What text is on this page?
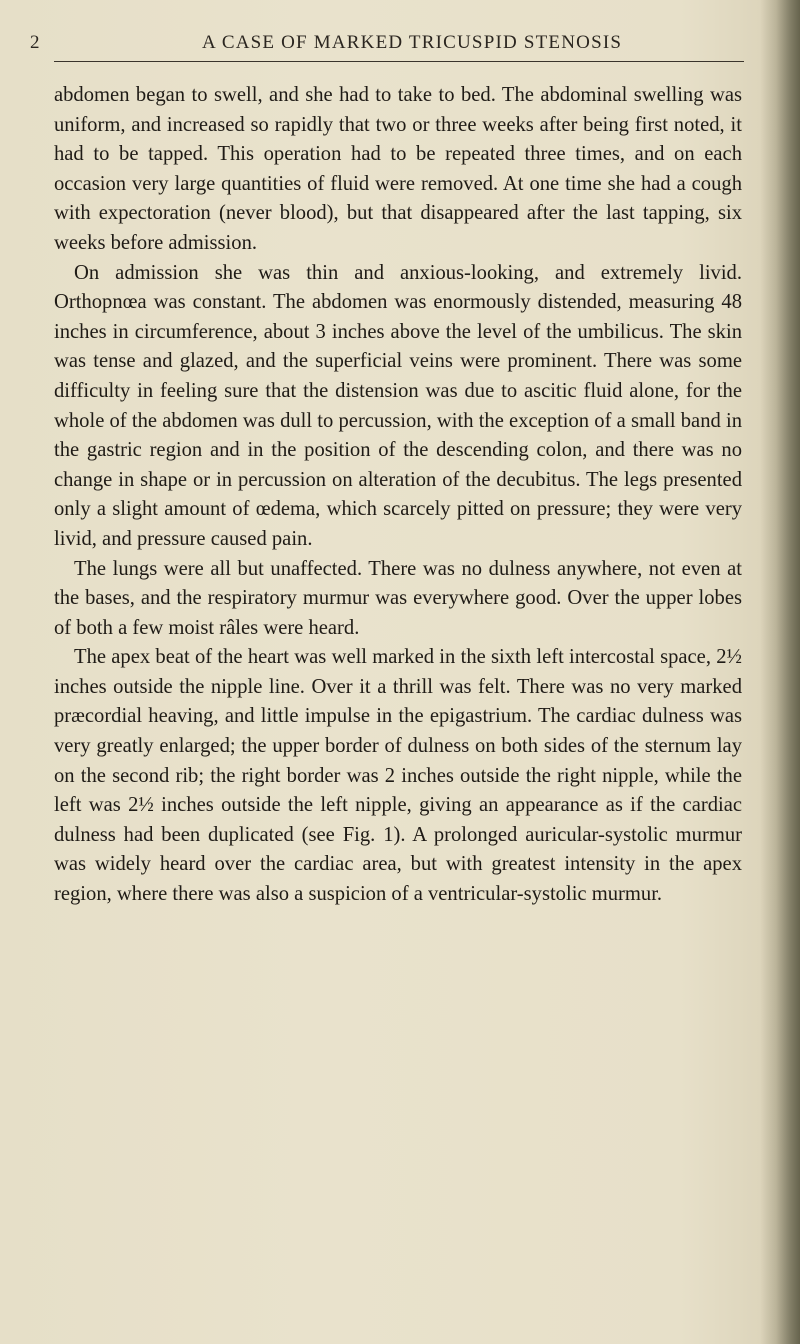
2	A CASE OF MARKED TRICUSPID STENOSIS

abdomen began to swell, and she had to take to bed. The abdominal swelling was uniform, and increased so rapidly that two or three weeks after being first noted, it had to be tapped. This operation had to be repeated three times, and on each occasion very large quantities of fluid were removed. At one time she had a cough with expectoration (never blood), but that disappeared after the last tapping, six weeks before admission.

On admission she was thin and anxious-looking, and extremely livid. Orthopnœa was constant. The abdomen was enormously distended, measuring 48 inches in circumference, about 3 inches above the level of the umbilicus. The skin was tense and glazed, and the superficial veins were prominent. There was some difficulty in feeling sure that the distension was due to ascitic fluid alone, for the whole of the abdomen was dull to percussion, with the exception of a small band in the gastric region and in the position of the descending colon, and there was no change in shape or in percussion on alteration of the decubitus. The legs presented only a slight amount of œdema, which scarcely pitted on pressure; they were very livid, and pressure caused pain.

The lungs were all but unaffected. There was no dulness anywhere, not even at the bases, and the respiratory murmur was everywhere good. Over the upper lobes of both a few moist râles were heard.

The apex beat of the heart was well marked in the sixth left intercostal space, 2½ inches outside the nipple line. Over it a thrill was felt. There was no very marked præcordial heaving, and little impulse in the epigastrium. The cardiac dulness was very greatly enlarged; the upper border of dulness on both sides of the sternum lay on the second rib; the right border was 2 inches outside the right nipple, while the left was 2½ inches outside the left nipple, giving an appearance as if the cardiac dulness had been duplicated (see Fig. 1). A prolonged auricular-systolic murmur was widely heard over the cardiac area, but with greatest intensity in the apex region, where there was also a suspicion of a ventricular-systolic murmur.
